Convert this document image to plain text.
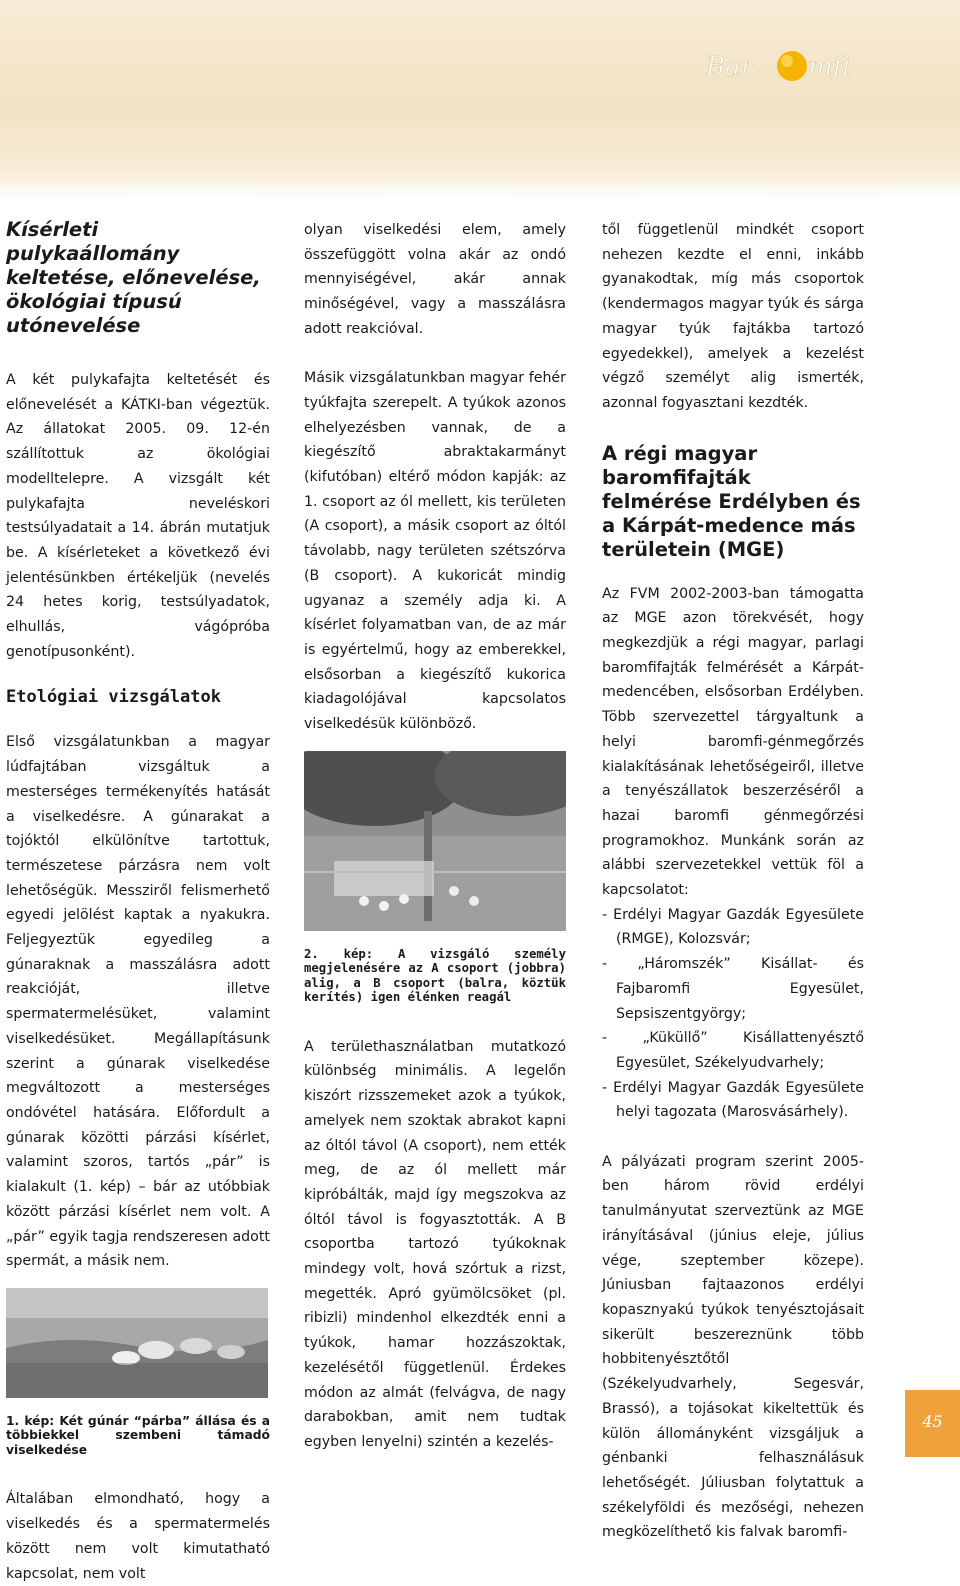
Bar mfi
Kísérleti pulykaállomány keltetése, előnevelése, ökológiai típusú utónevelése

A két pulykafajta keltetését és előnevelését a KÁTKI-ban végeztük. Az állatokat 2005. 09. 12-én szállítottuk az ökológiai modelltelepre. A vizsgált két pulykafajta neveléskori testsúlyadatait a 14. ábrán mutatjuk be. A kísérleteket a következő évi jelentésünkben értékeljük (nevelés 24 hetes korig, testsúlyadatok, elhullás, vágópróba genotípusonként).

Etológiai vizsgálatok

Első vizsgálatunkban a magyar lúdfajtában vizsgáltuk a mesterséges termékenyítés hatását a viselkedésre. A gúnarakat a tojóktól elkülönítve tartottuk, természetese párzásra nem volt lehetőségük. Messziről felismerhető egyedi jelölést kaptak a nyakukra. Feljegyeztük egyedileg a gúnaraknak a masszálásra adott reakcióját, illetve spermatermelésüket, valamint viselkedésüket. Megállapításunk szerint a gúnarak viselkedése megváltozott a mesterséges ondóvétel hatására. Előfordult a gúnarak közötti párzási kísérlet, valamint szoros, tartós „pár” is kialakult (1. kép) – bár az utóbbiak között párzási kísérlet nem volt. A „pár” egyik tagja rendszeresen adott spermát, a másik nem.

1. kép: Két gúnár “párba” állása és a többiekkel szembeni támadó viselkedése

Általában elmondható, hogy a viselkedés és a spermatermelés között nem volt kimutatható kapcsolat, nem volt

olyan viselkedési elem, amely összefüggött volna akár az ondó mennyiségével, akár annak minőségével, vagy a masszálásra adott reakcióval.

Másik vizsgálatunkban magyar fehér tyúkfajta szerepelt. A tyúkok azonos elhelyezésben vannak, de a kiegészítő abraktakarmányt (kifutóban) eltérő módon kapják: az 1. csoport az ól mellett, kis területen (A csoport), a másik csoport az óltól távolabb, nagy területen szétszórva (B csoport). A kukoricát mindig ugyanaz a személy adja ki. A kísérlet folyamatban van, de az már is egyértelmű, hogy az emberekkel, elsősorban a kiegészítő kukorica kiadagolójával kapcsolatos viselkedésük különböző.

2. kép: A vizsgáló személy megjelenésére az A csoport (jobbra) alig, a B csoport (balra, köztük kerítés) igen élénken reagál

A területhasználatban mutatkozó különbség minimális. A legelőn kiszórt rizsszemeket azok a tyúkok, amelyek nem szoktak abrakot kapni az óltól távol (A csoport), nem ették meg, de az ól mellett már kipróbálták, majd így megszokva az óltól távol is fogyasztották. A B csoportba tartozó tyúkoknak mindegy volt, hová szórtuk a rizst, megették. Apró gyümölcsöket (pl. ribizli) mindenhol elkezdték enni a tyúkok, hamar hozzászoktak, kezelésétől függetlenül. Érdekes módon az almát (felvágva, de nagy darabokban, amit nem tudtak egyben lenyelni) szintén a kezelés-

től függetlenül mindkét csoport nehezen kezdte el enni, inkább gyanakodtak, míg más csoportok (kendermagos magyar tyúk és sárga magyar tyúk fajtákba tartozó egyedekkel), amelyek a kezelést végző személyt alig ismerték, azonnal fogyasztani kezdték.

A régi magyar baromfifajták felmérése Erdélyben és a Kárpát-medence más területein (MGE)

Az FVM 2002-2003-ban támogatta az MGE azon törekvését, hogy megkezdjük a régi magyar, parlagi baromfifajták felmérését a Kárpát-medencében, elsősorban Erdélyben. Több szervezettel tárgyaltunk a helyi baromfi-génmegőrzés kialakításának lehetőségeiről, illetve a tenyészállatok beszerzéséről a hazai baromfi génmegőrzési programokhoz. Munkánk során az alábbi szervezetekkel vettük föl a kapcsolatot:

- Erdélyi Magyar Gazdák Egyesülete (RMGE), Kolozsvár;
- „Háromszék” Kisállat- és Fajbaromfi Egyesület, Sepsiszentgyörgy;
- „Küküllő” Kisállattenyésztő Egyesület, Székelyudvarhely;
- Erdélyi Magyar Gazdák Egyesülete helyi tagozata (Marosvásárhely).

A pályázati program szerint 2005-ben három rövid erdélyi tanulmányutat szerveztünk az MGE irányításával (június eleje, július vége, szeptember közepe). Júniusban fajtaazonos erdélyi kopasznyakú tyúkok tenyésztojásait sikerült beszereznünk több hobbitenyésztőtől (Székelyudvarhely, Segesvár, Brassó), a tojásokat kikeltettük és külön állományként vizsgáljuk a génbanki felhasználásuk lehetőségét. Júliusban folytattuk a székelyföldi és mezőségi, nehezen megközelíthető kis falvak baromfi-

45
